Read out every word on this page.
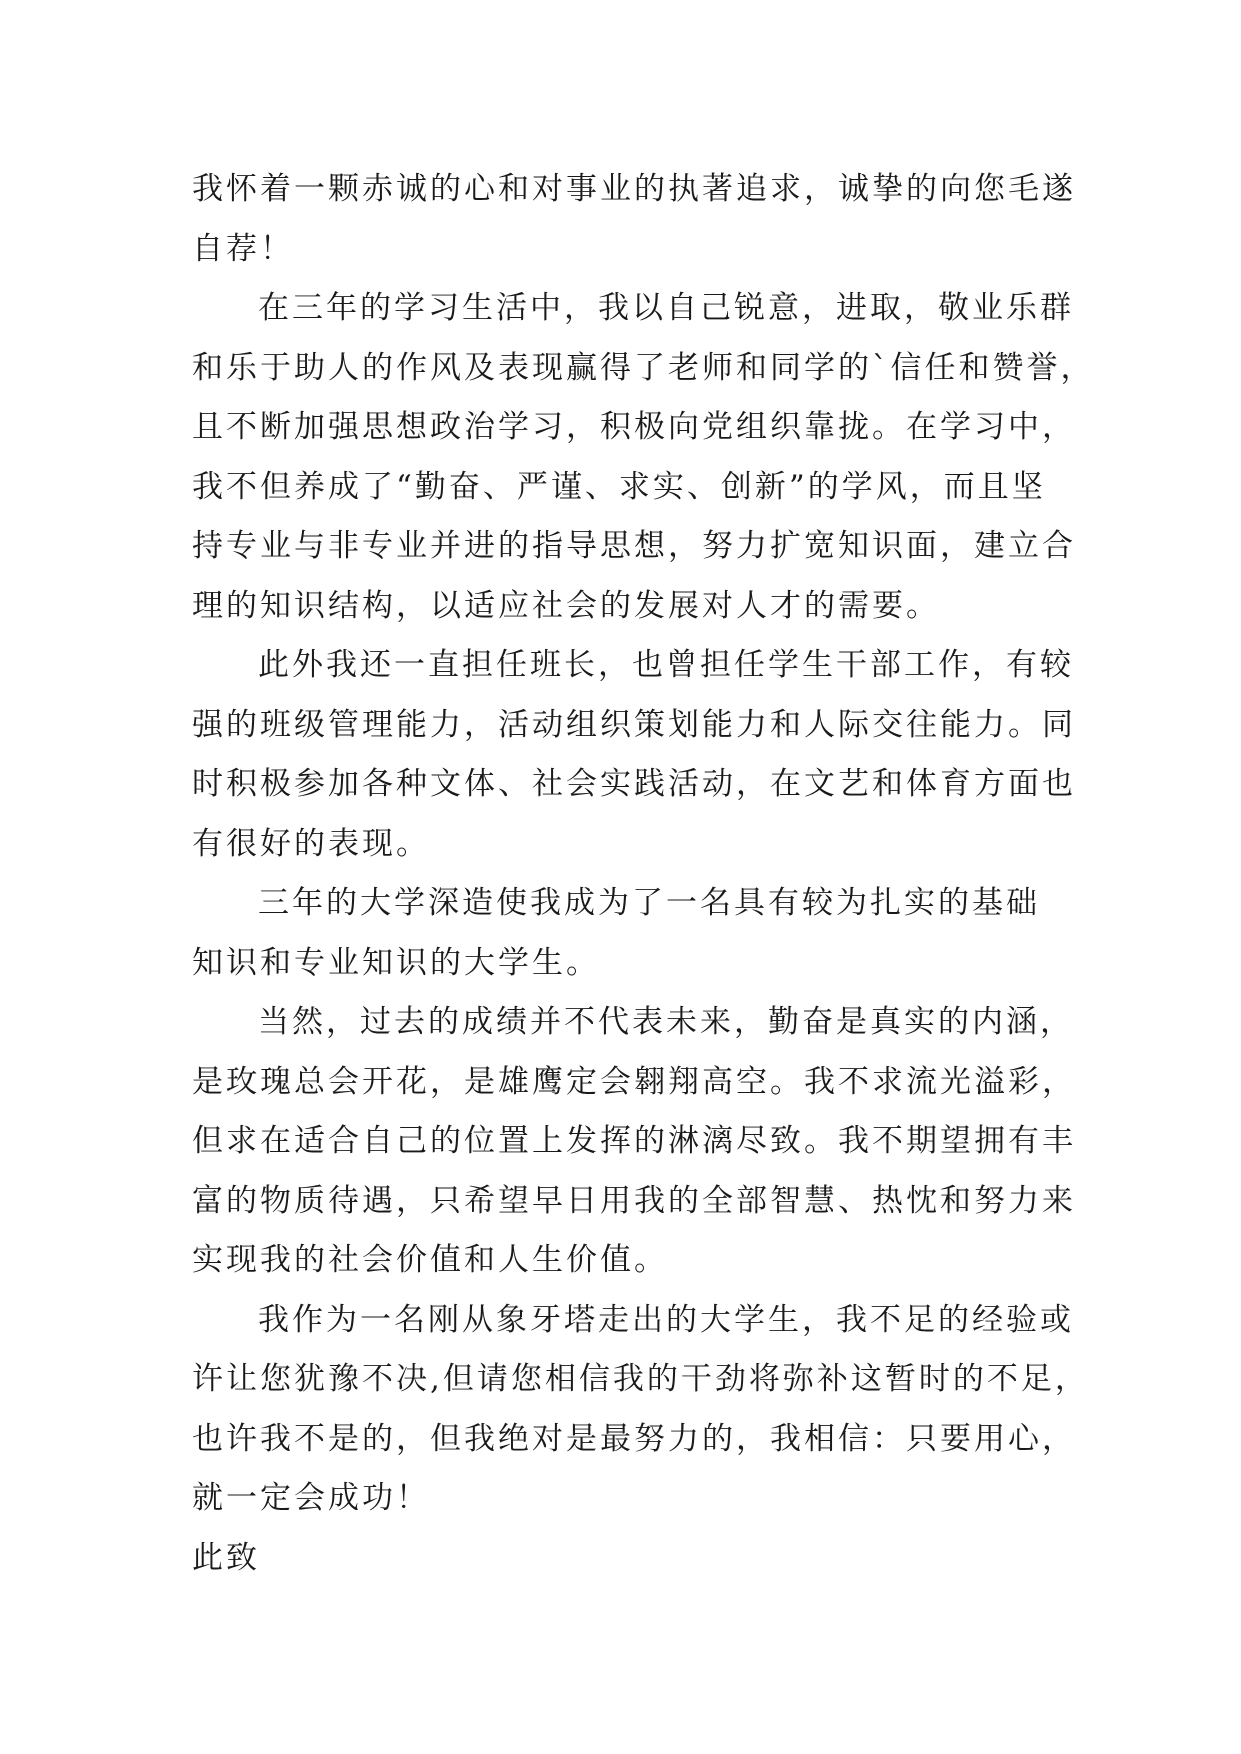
我怀着一颗赤诚的心和对事业的执著追求，诚挚的向您毛遂
自荐！
在三年的学习生活中，我以自己锐意，进取，敬业乐群
和乐于助人的作风及表现赢得了老师和同学的`信任和赞誉，
且不断加强思想政治学习，积极向党组织靠拢。在学习中，
我不但养成了“勤奋、严谨、求实、创新”的学风，而且坚
持专业与非专业并进的指导思想，努力扩宽知识面，建立合
理的知识结构，以适应社会的发展对人才的需要。
此外我还一直担任班长，也曾担任学生干部工作，有较
强的班级管理能力，活动组织策划能力和人际交往能力。同
时积极参加各种文体、社会实践活动，在文艺和体育方面也
有很好的表现。
三年的大学深造使我成为了一名具有较为扎实的基础
知识和专业知识的大学生。
当然，过去的成绩并不代表未来，勤奋是真实的内涵，
是玫瑰总会开花，是雄鹰定会翱翔高空。我不求流光溢彩，
但求在适合自己的位置上发挥的淋漓尽致。我不期望拥有丰
富的物质待遇，只希望早日用我的全部智慧、热忱和努力来
实现我的社会价值和人生价值。
我作为一名刚从象牙塔走出的大学生，我不足的经验或
许让您犹豫不决,但请您相信我的干劲将弥补这暂时的不足，
也许我不是的，但我绝对是最努力的，我相信：只要用心，
就一定会成功！
此致
